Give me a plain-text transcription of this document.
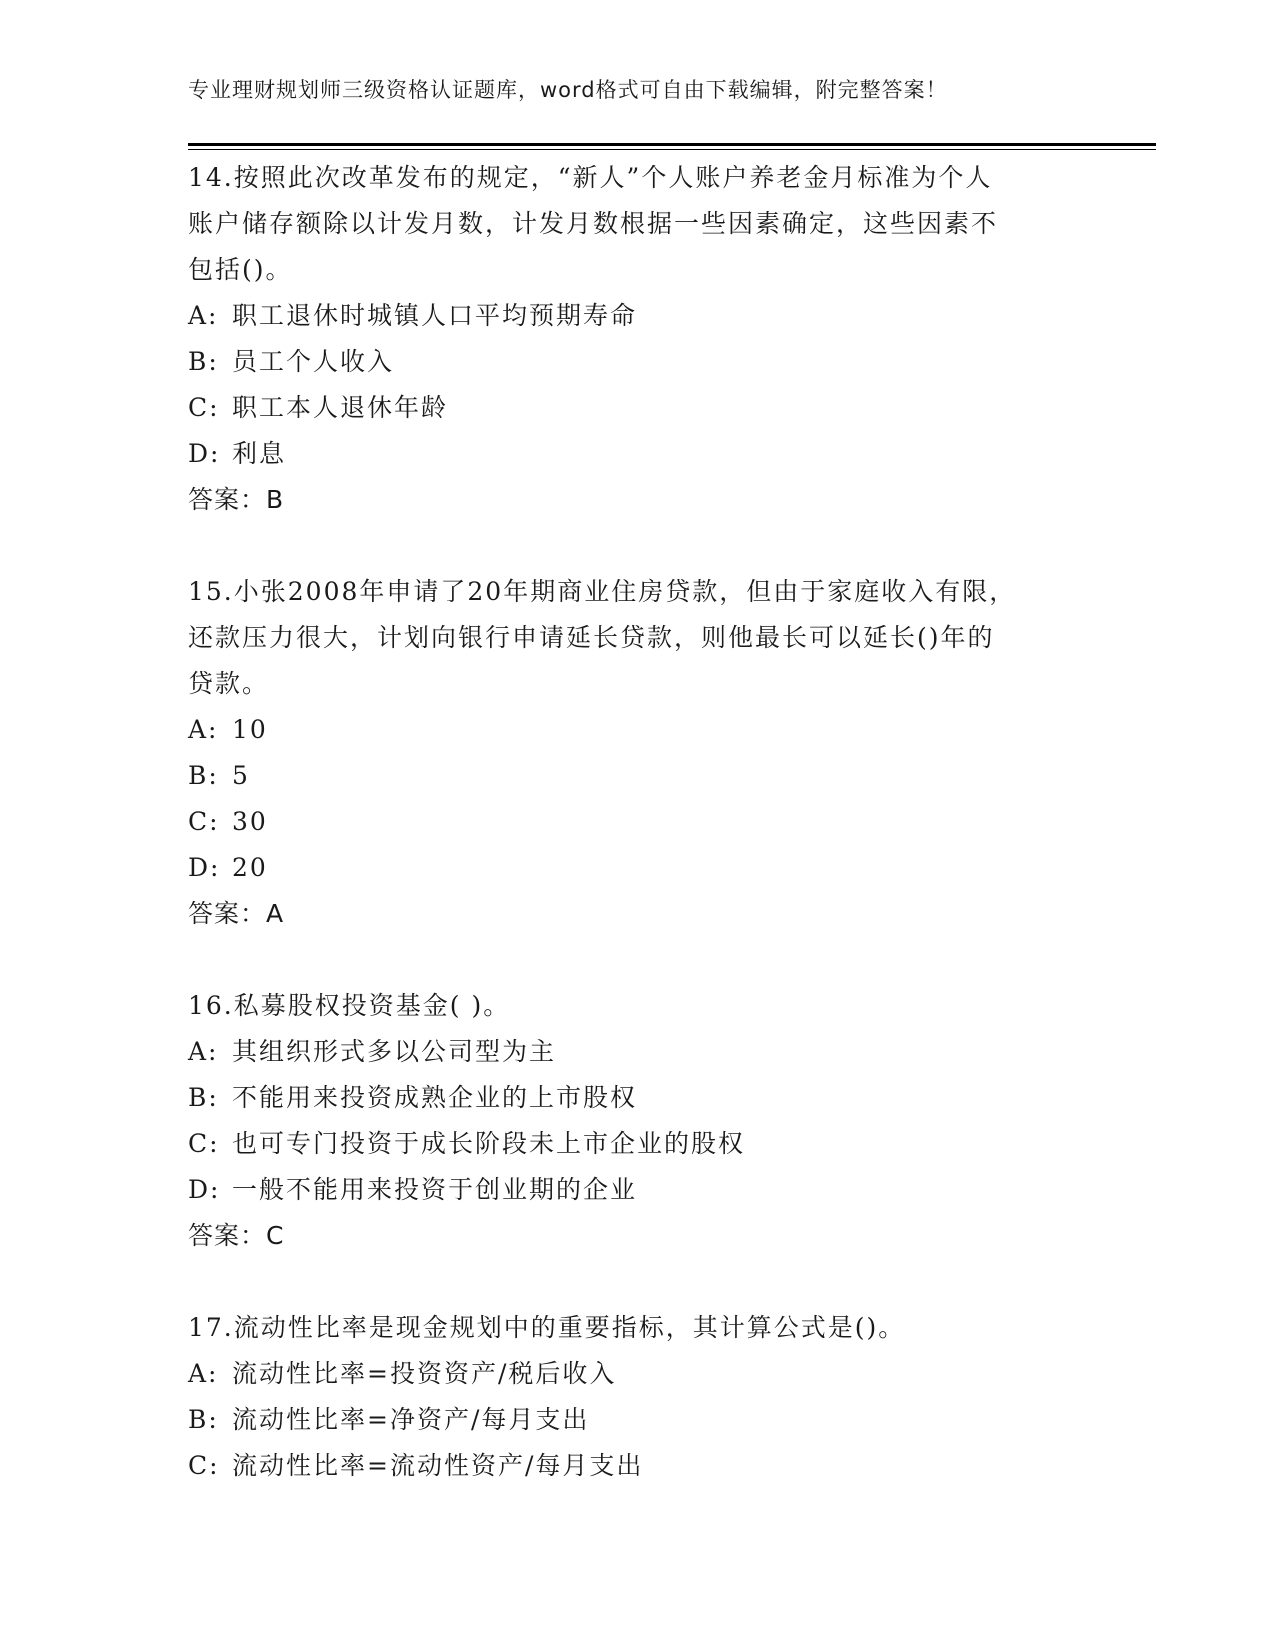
专业理财规划师三级资格认证题库，word格式可自由下载编辑，附完整答案！
14.按照此次改革发布的规定，“新人”个人账户养老金月标准为个人
账户储存额除以计发月数，计发月数根据一些因素确定，这些因素不
包括()。
A: 职工退休时城镇人口平均预期寿命
B: 员工个人收入
C: 职工本人退休年龄
D: 利息
答案：B
15.小张2008年申请了20年期商业住房贷款，但由于家庭收入有限，
还款压力很大，计划向银行申请延长贷款，则他最长可以延长()年的
贷款。
A: 10
B: 5
C: 30
D: 20
答案：A
16.私募股权投资基金( )。
A: 其组织形式多以公司型为主
B: 不能用来投资成熟企业的上市股权
C: 也可专门投资于成长阶段未上市企业的股权
D: 一般不能用来投资于创业期的企业
答案：C
17.流动性比率是现金规划中的重要指标，其计算公式是()。
A: 流动性比率=投资资产/税后收入
B: 流动性比率=净资产/每月支出
C: 流动性比率=流动性资产/每月支出
